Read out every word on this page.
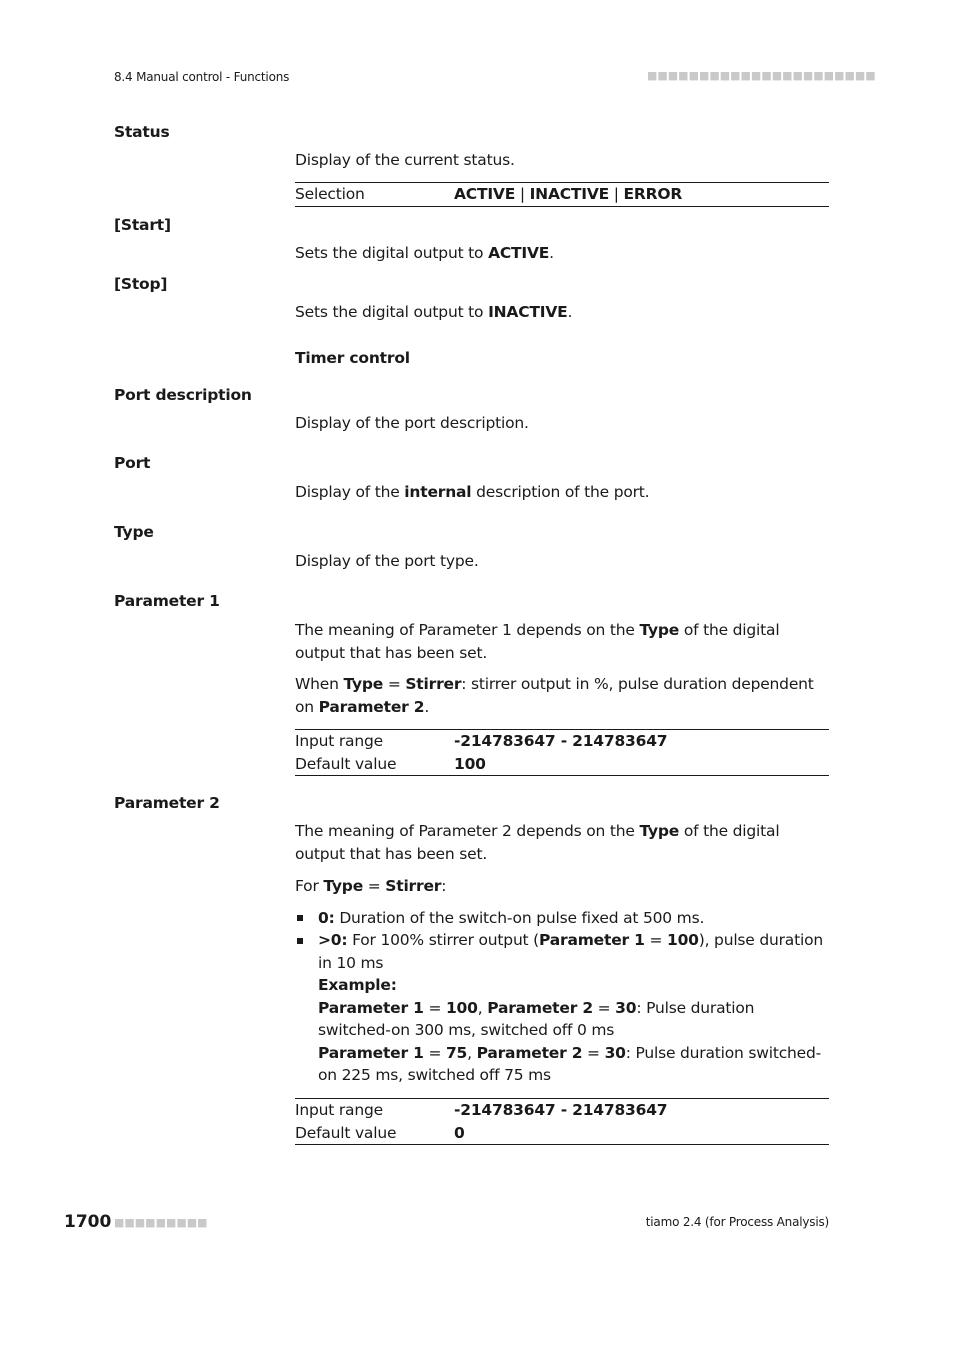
8.4 Manual control - Functions	■■■■■■■■■■■■■■■■■■■■■■
Status
Display of the current status.
Selection	ACTIVE | INACTIVE | ERROR
[Start]
Sets the digital output to ACTIVE.
[Stop]
Sets the digital output to INACTIVE.
Timer control
Port description
Display of the port description.
Port
Display of the internal description of the port.
Type
Display of the port type.
Parameter 1
The meaning of Parameter 1 depends on the Type of the digital output that has been set.
When Type = Stirrer: stirrer output in %, pulse duration dependent on Parameter 2.
Input range	-214783647 - 214783647
Default value	100
Parameter 2
The meaning of Parameter 2 depends on the Type of the digital output that has been set.
For Type = Stirrer:
0: Duration of the switch-on pulse fixed at 500 ms.
>0: For 100% stirrer output (Parameter 1 = 100), pulse duration in 10 ms
Example:
Parameter 1 = 100, Parameter 2 = 30: Pulse duration switched-on 300 ms, switched off 0 ms
Parameter 1 = 75, Parameter 2 = 30: Pulse duration switched-on 225 ms, switched off 75 ms
Input range	-214783647 - 214783647
Default value	0
1700 ■■■■■■■■■	tiamo 2.4 (for Process Analysis)
